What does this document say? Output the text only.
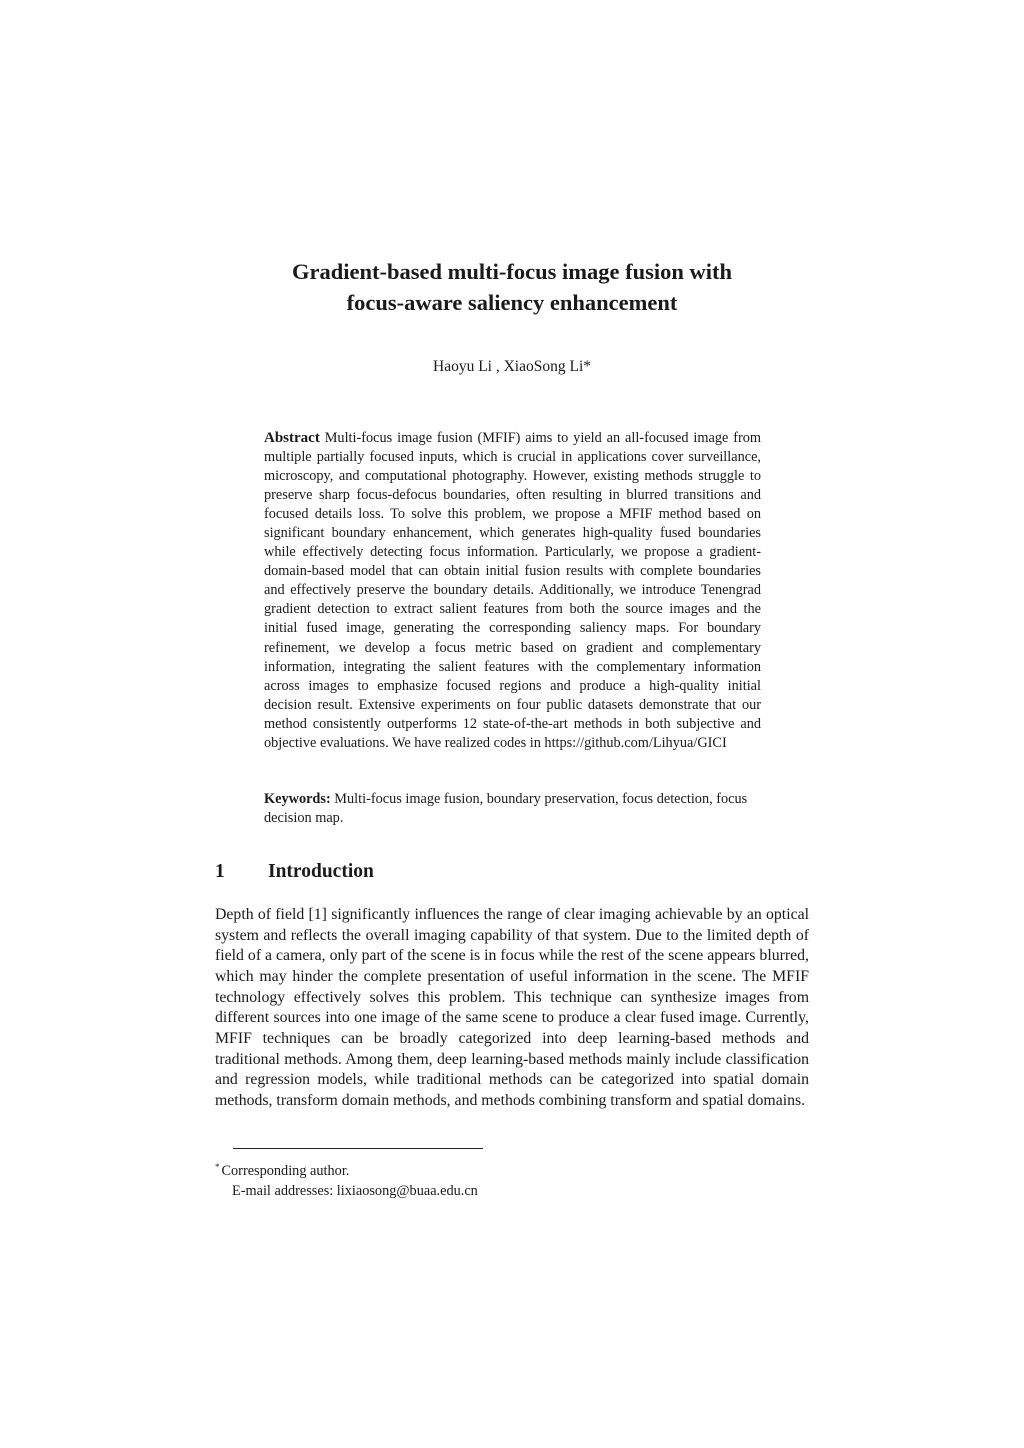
Gradient-based multi-focus image fusion with
focus-aware saliency enhancement
Haoyu Li , XiaoSong Li*

Abstract Multi-focus image fusion (MFIF) aims to yield an all-focused image from multiple partially focused inputs, which is crucial in applications cover surveillance, microscopy, and computational photography. However, existing methods struggle to preserve sharp focus-defocus boundaries, often resulting in blurred transitions and focused details loss. To solve this problem, we propose a MFIF method based on significant boundary enhancement, which generates high-quality fused boundaries while effectively detecting focus information. Particularly, we propose a gradient-domain-based model that can obtain initial fusion results with complete boundaries and effectively preserve the boundary details. Additionally, we introduce Tenengrad gradient detection to extract salient features from both the source images and the initial fused image, generating the corresponding saliency maps. For boundary refinement, we develop a focus metric based on gradient and complementary information, integrating the salient features with the complementary information across images to emphasize focused regions and produce a high-quality initial decision result. Extensive experiments on four public datasets demonstrate that our method consistently outperforms 12 state-of-the-art methods in both subjective and objective evaluations. We have realized codes in https://github.com/Lihyua/GICI

Keywords: Multi-focus image fusion, boundary preservation, focus detection, focus decision map.

1 Introduction

Depth of field [1] significantly influences the range of clear imaging achievable by an optical system and reflects the overall imaging capability of that system. Due to the limited depth of field of a camera, only part of the scene is in focus while the rest of the scene appears blurred, which may hinder the complete presentation of useful information in the scene. The MFIF technology effectively solves this problem. This technique can synthesize images from different sources into one image of the same scene to produce a clear fused image. Currently, MFIF techniques can be broadly categorized into deep learning-based methods and traditional methods. Among them, deep learning-based methods mainly include classification and regression models, while traditional methods can be categorized into spatial domain methods, transform domain methods, and methods combining transform and spatial domains.

* Corresponding author.
E-mail addresses: lixiaosong@buaa.edu.cn
